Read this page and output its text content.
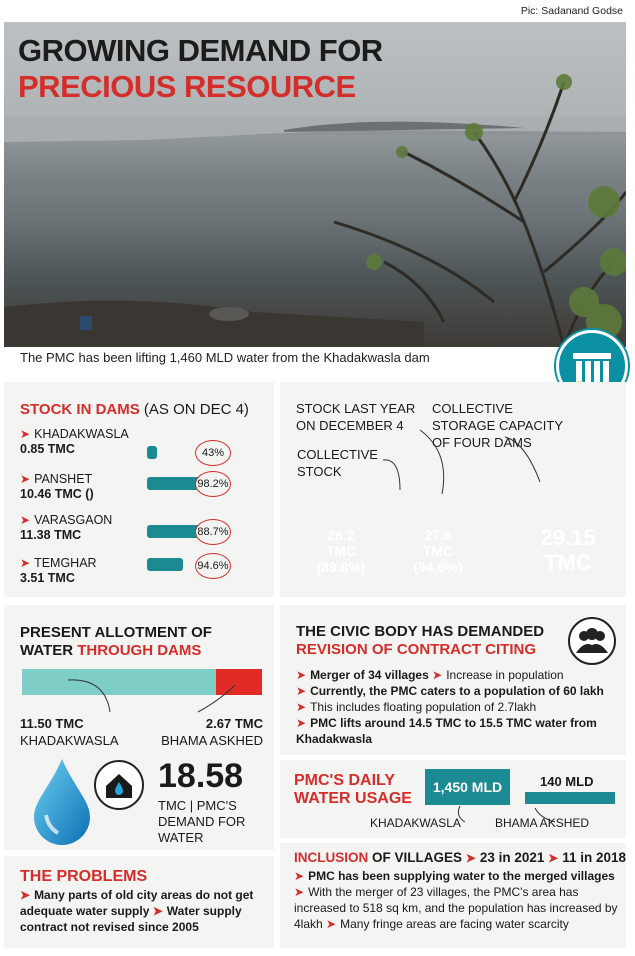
Pic: Sadanand Godse
GROWING DEMAND FOR
PRECIOUS RESOURCE
The PMC has been lifting 1,460 MLD water from the Khadakwasla dam
STOCK IN DAMS (AS ON DEC 4)
➤ KHADAKWASLA
0.85 TMC
➤ PANSHET
10.46 TMC ()
➤ VARASGAON
11.38 TMC
➤ TEMGHAR
3.51 TMC
43%
98.2%
88.7%
94.6%
STOCK LAST YEAR ON DECEMBER 4
COLLECTIVE STORAGE CAPACITY OF FOUR DAMS
COLLECTIVE STOCK
26.2
TMC
(89.8%)
27.6
TMC
(94.6%)
29.15
TMC
PRESENT ALLOTMENT OF
WATER THROUGH DAMS
11.50 TMC
KHADAKWASLA
2.67 TMC
BHAMA ASKHED
18.58
TMC | PMC'S
DEMAND FOR
WATER
THE CIVIC BODY HAS DEMANDED
REVISION OF CONTRACT CITING
➤ Merger of 34 villages ➤ Increase in population
➤ Currently, the PMC caters to a population of 60 lakh ➤ This includes floating population of 2.7lakh
➤ PMC lifts around 14.5 TMC to 15.5 TMC water from Khadakwasla
PMC'S DAILY
WATER USAGE
1,450 MLD	140 MLD
KHADAKWASLA	BHAMA AKSHED
THE PROBLEMS
➤ Many parts of old city areas do not get adequate water supply ➤ Water supply contract not revised since 2005
INCLUSION OF VILLAGES ➤ 23 in 2021 ➤ 11 in 2018
➤ PMC has been supplying water to the merged villages
➤ With the merger of 23 villages, the PMC's area has increased to 518 sq km, and the population has increased by 4lakh ➤ Many fringe areas are facing water scarcity
